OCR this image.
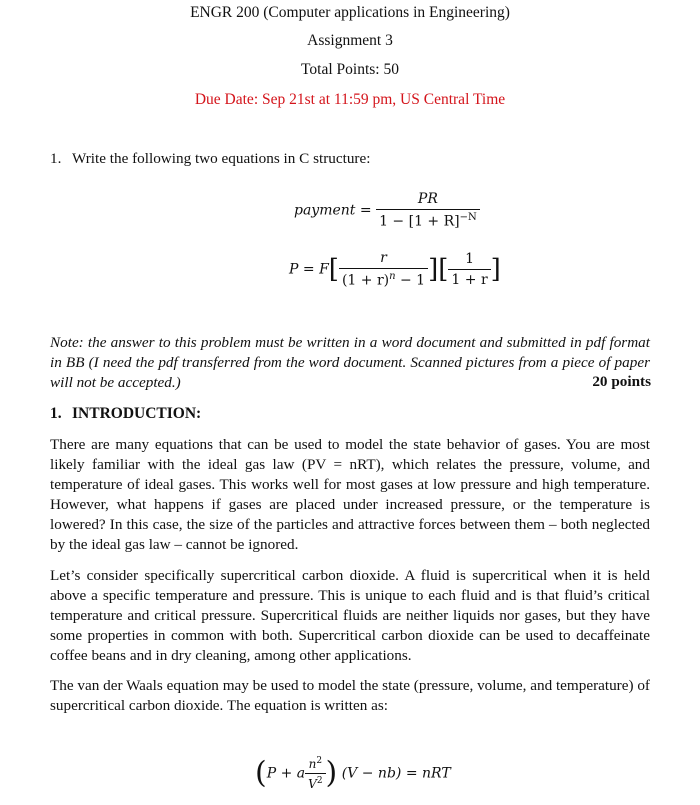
ENGR 200 (Computer applications in Engineering)
Assignment 3
Total Points: 50
Due Date: Sep 21st at 11:59 pm, US Central Time
1. Write the following two equations in C structure:
payment = $\frac{PR}{1 - [1 + R]^{-N}}$
$P = F[ \frac{r}{(1 + r)^n - 1}$ ][ $\frac{1}{1 + r}$ ]
Note: the answer to this problem must be written in a word document and submitted in pdf format in BB (I need the pdf transferred from the word document. Scanned pictures from a piece of paper will not be accepted.)	20 points
1. INTRODUCTION:
There are many equations that can be used to model the state behavior of gases. You are most likely familiar with the ideal gas law (PV = nRT), which relates the pressure, volume, and temperature of ideal gases. This works well for most gases at low pressure and high temperature. However, what happens if gases are placed under increased pressure, or the temperature is lowered? In this case, the size of the particles and attractive forces between them – both neglected by the ideal gas law – cannot be ignored.
Let’s consider specifically supercritical carbon dioxide. A fluid is supercritical when it is held above a specific temperature and pressure. This is unique to each fluid and is that fluid’s critical temperature and critical pressure. Supercritical fluids are neither liquids nor gases, but they have some properties in common with both. Supercritical carbon dioxide can be used to decaffeinate coffee beans and in dry cleaning, among other applications.
The van der Waals equation may be used to model the state (pressure, volume, and temperature) of supercritical carbon dioxide. The equation is written as:
(P + a $\frac{n^2}{V^2}$ ) (V − nb) = nRT
